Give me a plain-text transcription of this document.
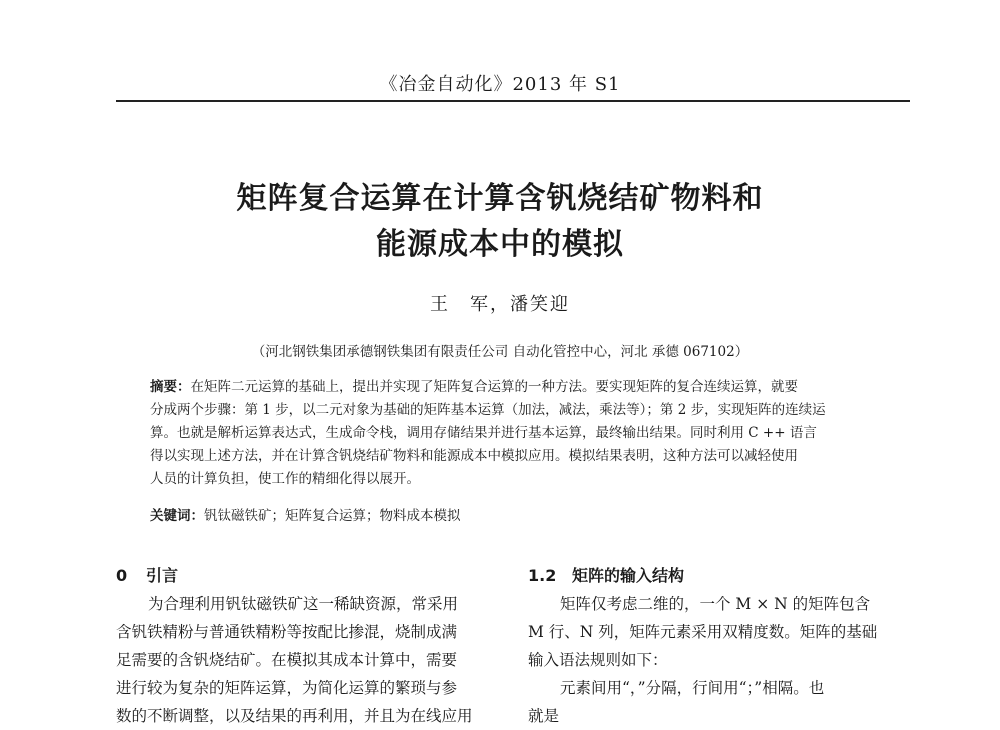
《冶金自动化》2013 年 S1
矩阵复合运算在计算含钒烧结矿物料和
能源成本中的模拟
王　军，潘笑迎
（河北钢铁集团承德钢铁集团有限责任公司 自动化管控中心，河北 承德 067102）
摘要：在矩阵二元运算的基础上，提出并实现了矩阵复合运算的一种方法。要实现矩阵的复合连续运算，就要
分成两个步骤：第 1 步，以二元对象为基础的矩阵基本运算（加法，减法，乘法等）；第 2 步，实现矩阵的连续运
算。也就是解析运算表达式，生成命令栈，调用存储结果并进行基本运算，最终输出结果。同时利用 C ++ 语言
得以实现上述方法，并在计算含钒烧结矿物料和能源成本中模拟应用。模拟结果表明，这种方法可以减轻使用
人员的计算负担，使工作的精细化得以展开。
关键词：钒钛磁铁矿；矩阵复合运算；物料成本模拟
0 引言
为合理利用钒钛磁铁矿这一稀缺资源，常采用
含钒铁精粉与普通铁精粉等按配比掺混，烧制成满
足需要的含钒烧结矿。在模拟其成本计算中，需要
进行较为复杂的矩阵运算，为简化运算的繁琐与参
数的不断调整，以及结果的再利用，并且为在线应用
1.2 矩阵的输入结构
矩阵仅考虑二维的，一个 M × N 的矩阵包含
M 行、N 列，矩阵元素采用双精度数。矩阵的基础
输入语法规则如下：
元素间用“，”分隔，行间用“；”相隔。也
就是
